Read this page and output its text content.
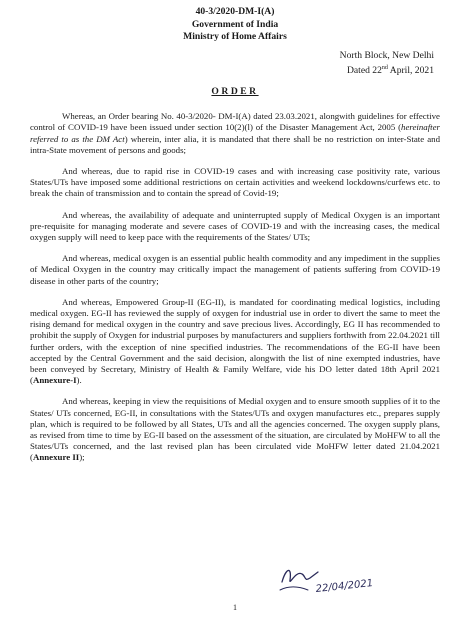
40-3/2020-DM-I(A)
Government of India
Ministry of Home Affairs
North Block, New Delhi
Dated 22nd April, 2021
ORDER

Whereas, an Order bearing No. 40-3/2020- DM-I(A) dated 23.03.2021, alongwith guidelines for effective control of COVID-19 have been issued under section 10(2)(l) of the Disaster Management Act, 2005 (hereinafter referred to as the DM Act) wherein, inter alia, it is mandated that there shall be no restriction on inter-State and intra-State movement of persons and goods;

And whereas, due to rapid rise in COVID-19 cases and with increasing case positivity rate, various States/UTs have imposed some additional restrictions on certain activities and weekend lockdowns/curfews etc. to break the chain of transmission and to contain the spread of Covid-19;

And whereas, the availability of adequate and uninterrupted supply of Medical Oxygen is an important pre-requisite for managing moderate and severe cases of COVID-19 and with the increasing cases, the medical oxygen supply will need to keep pace with the requirements of the States/ UTs;

And whereas, medical oxygen is an essential public health commodity and any impediment in the supplies of Medical Oxygen in the country may critically impact the management of patients suffering from COVID-19 disease in other parts of the country;

And whereas, Empowered Group-II (EG-II), is mandated for coordinating medical logistics, including medical oxygen. EG-II has reviewed the supply of oxygen for industrial use in order to divert the same to meet the rising demand for medical oxygen in the country and save precious lives. Accordingly, EG II has recommended to prohibit the supply of Oxygen for industrial purposes by manufacturers and suppliers forthwith from 22.04.2021 till further orders, with the exception of nine specified industries. The recommendations of the EG-II have been accepted by the Central Government and the said decision, alongwith the list of nine exempted industries, have been conveyed by Secretary, Ministry of Health & Family Welfare, vide his DO letter dated 18th April 2021 (Annexure-I).

And whereas, keeping in view the requisitions of Medial oxygen and to ensure smooth supplies of it to the States/ UTs concerned, EG-II, in consultations with the States/UTs and oxygen manufactures etc., prepares supply plan, which is required to be followed by all States, UTs and all the agencies concerned. The oxygen supply plans, as revised from time to time by EG-II based on the assessment of the situation, are circulated by MoHFW to all the States/UTs concerned, and the last revised plan has been circulated vide MoHFW letter dated 21.04.2021 (Annexure II);

22/04/2021
1
